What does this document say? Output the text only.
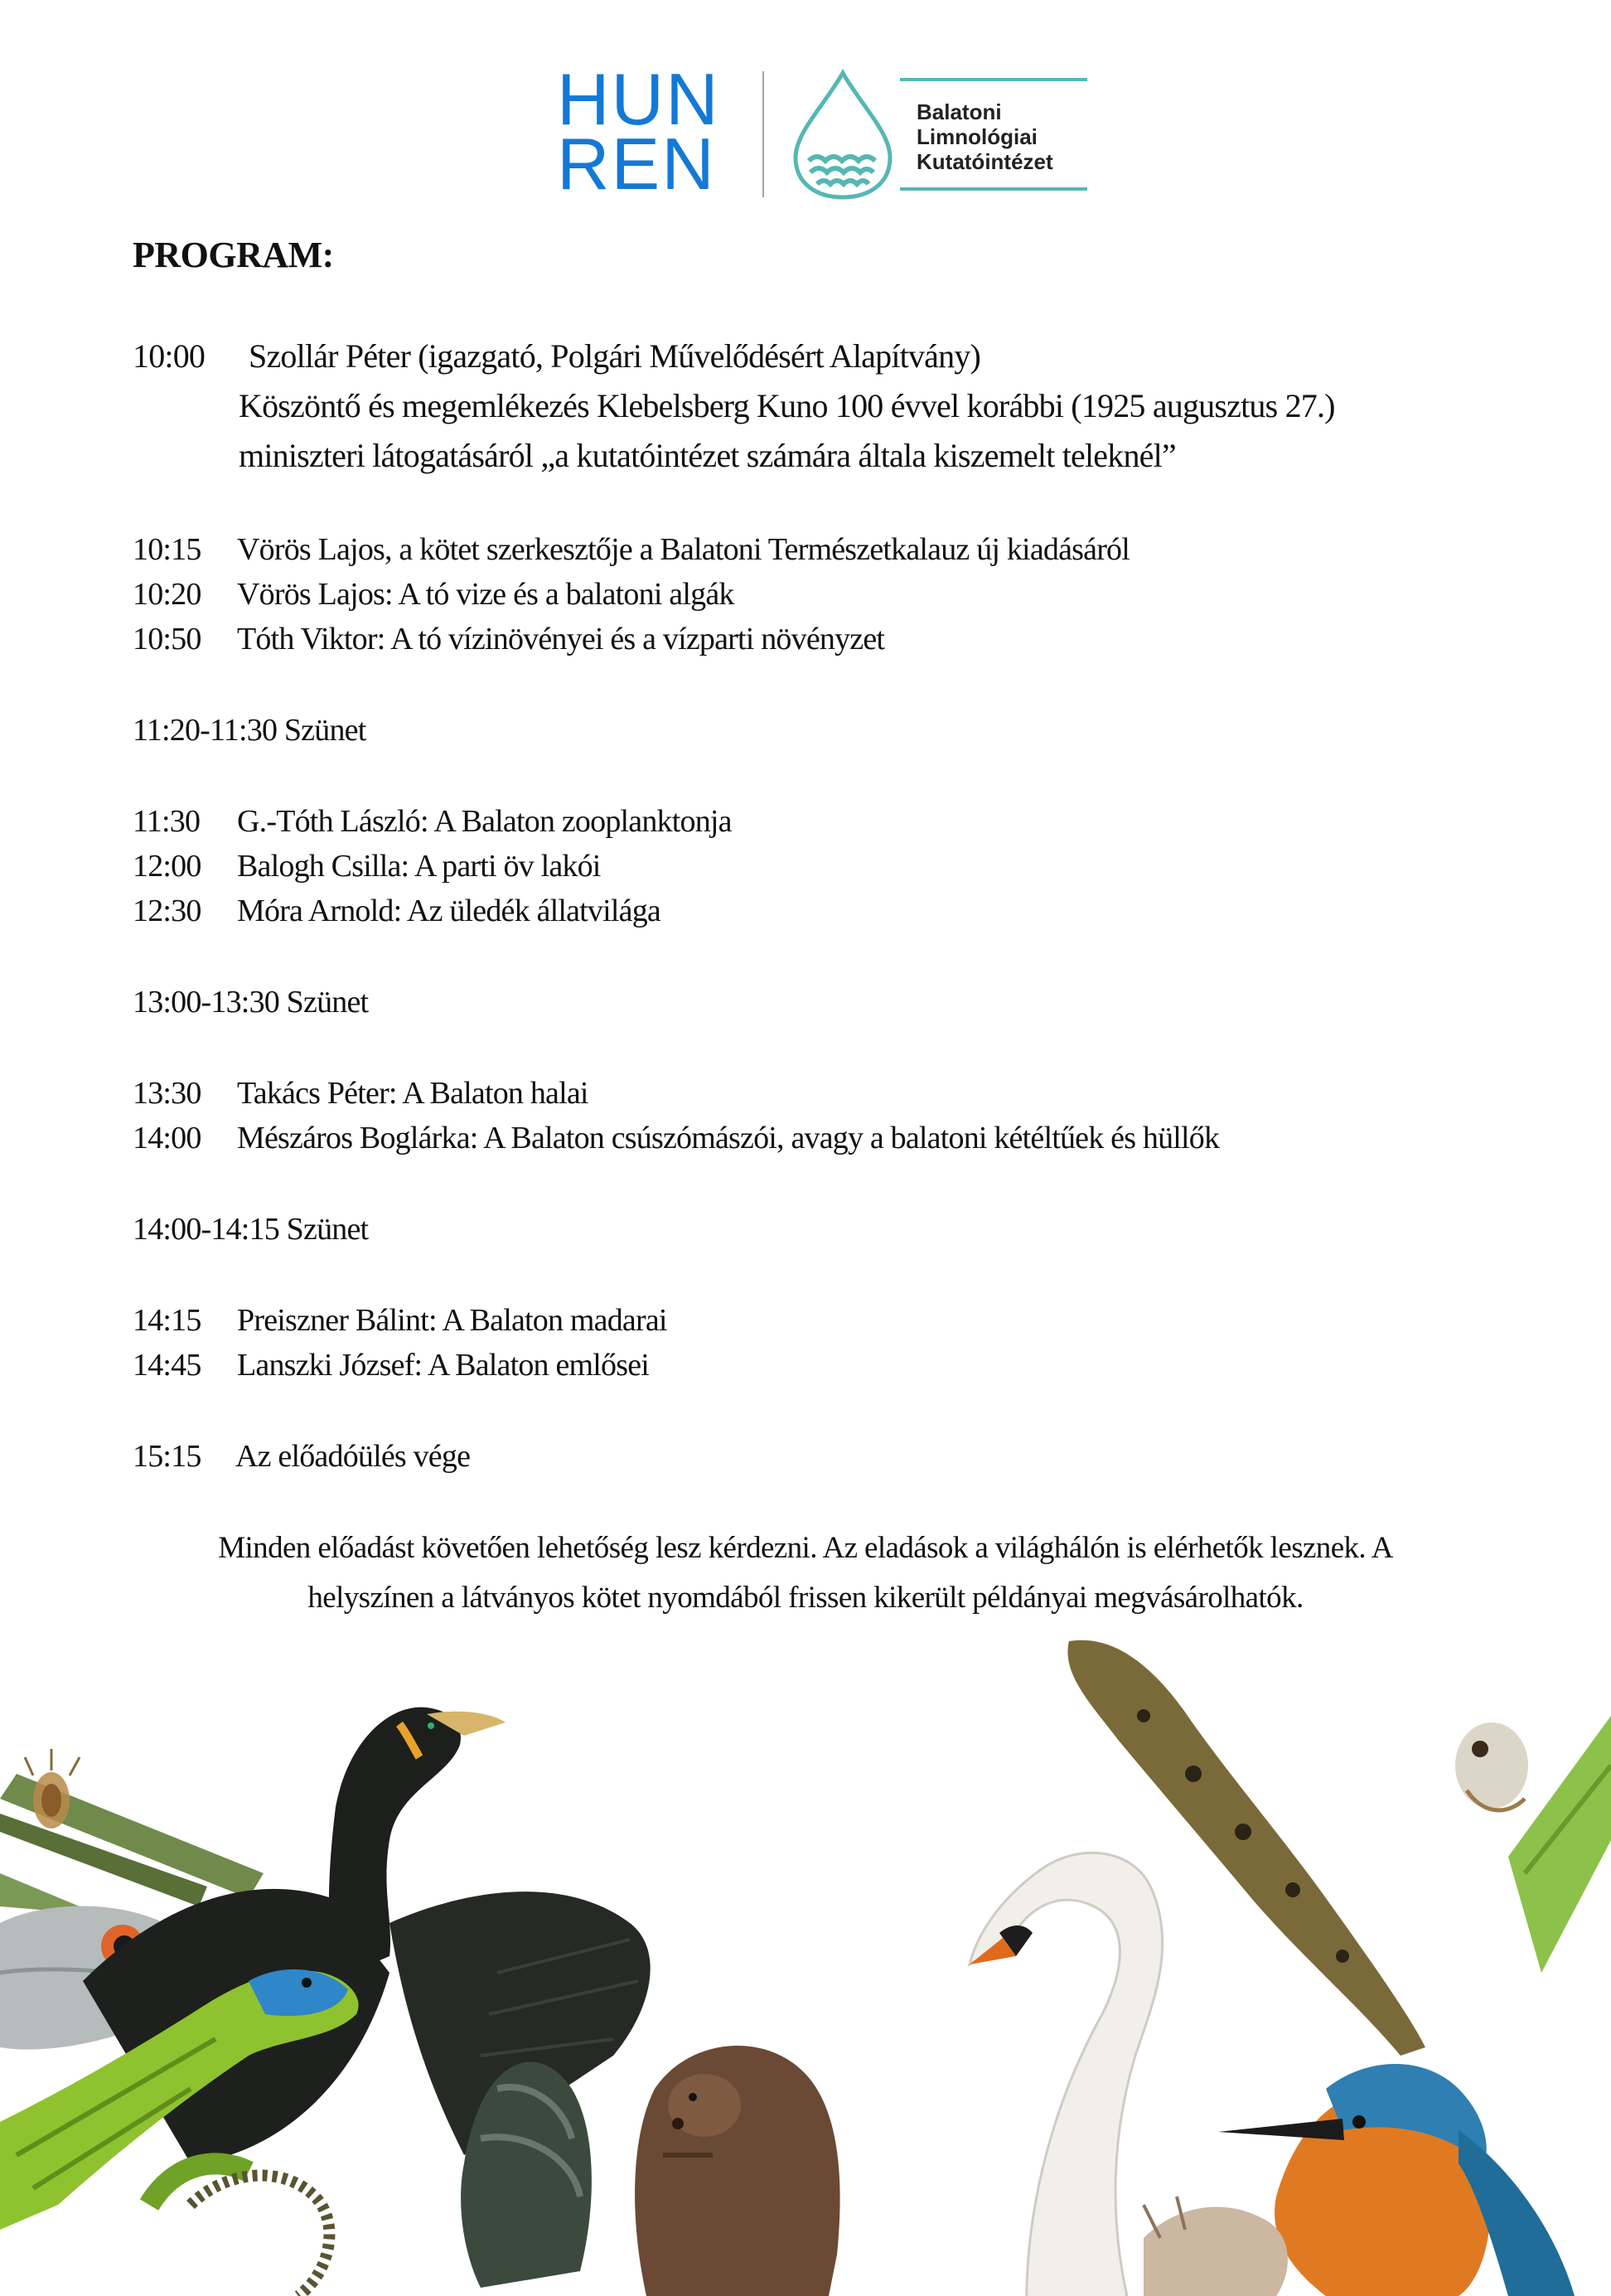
HUN
REN
Balatoni
Limnológiai
Kutatóintézet
PROGRAM:
10:00 Szollár Péter (igazgató, Polgári Művelődésért Alapítvány)
Köszöntő és megemlékezés Klebelsberg Kuno 100 évvel korábbi (1925 augusztus 27.)
miniszteri látogatásáról „a kutatóintézet számára általa kiszemelt teleknél”
10:15 Vörös Lajos, a kötet szerkesztője a Balatoni Természetkalauz új kiadásáról
10:20 Vörös Lajos: A tó vize és a balatoni algák
10:50 Tóth Viktor: A tó vízinövényei és a vízparti növényzet
11:20-11:30 Szünet
11:30 G.-Tóth László: A Balaton zooplanktonja
12:00 Balogh Csilla: A parti öv lakói
12:30 Móra Arnold: Az üledék állatvilága
13:00-13:30 Szünet
13:30 Takács Péter: A Balaton halai
14:00 Mészáros Boglárka: A Balaton csúszómászói, avagy a balatoni kétéltűek és hüllők
14:00-14:15 Szünet
14:15 Preiszner Bálint: A Balaton madarai
14:45 Lanszki József: A Balaton emlősei
15:15 Az előadóülés vége
Minden előadást követően lehetőség lesz kérdezni. Az eladások a világhálón is elérhetők lesznek. A
helyszínen a látványos kötet nyomdából frissen kikerült példányai megvásárolhatók.
